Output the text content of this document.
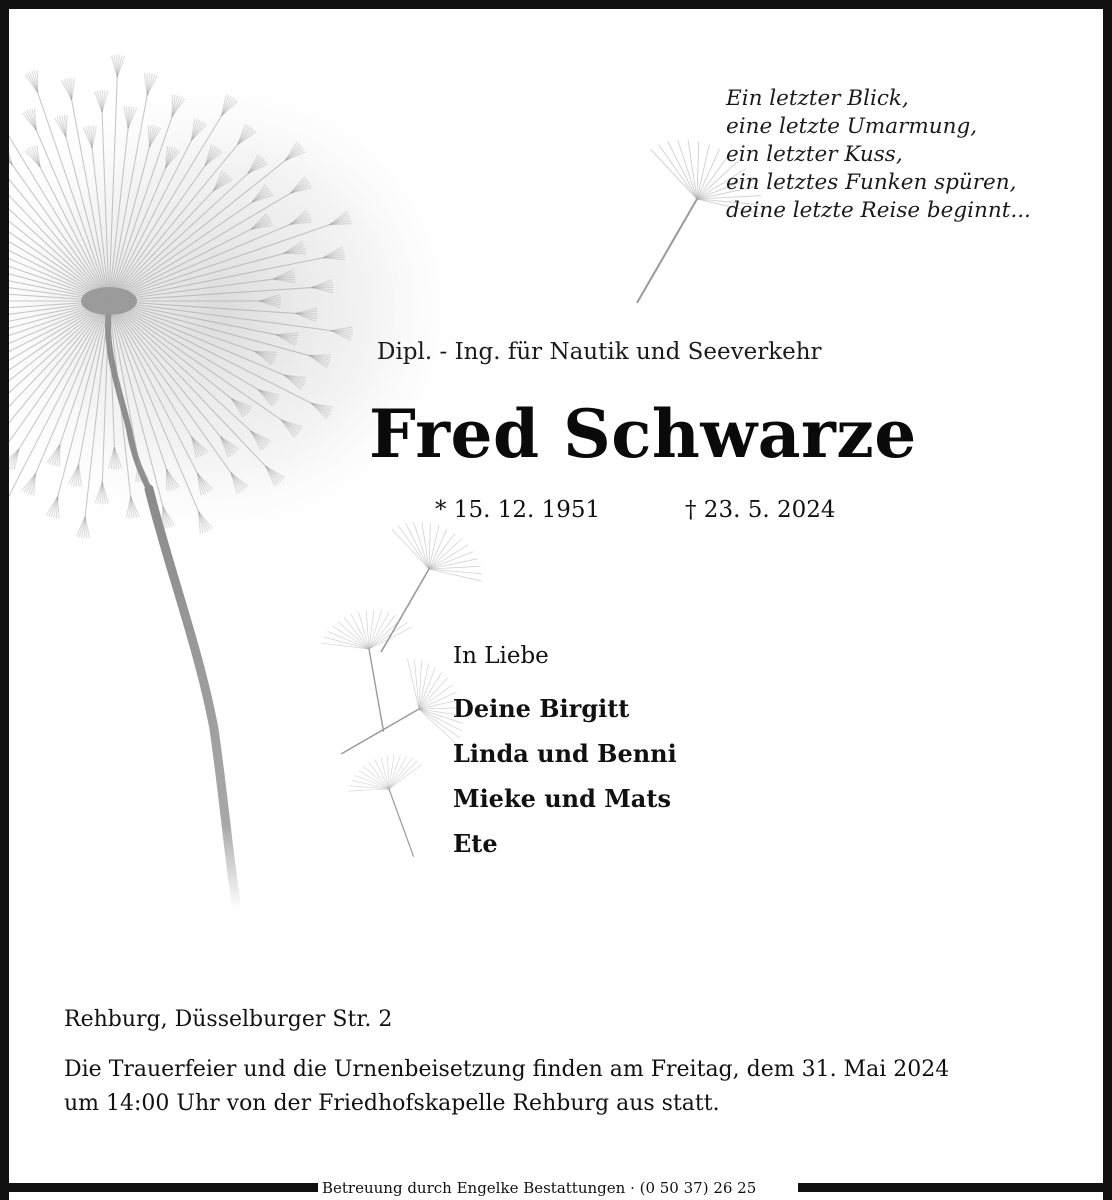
Ein letzter Blick,
eine letzte Umarmung,
ein letzter Kuss,
ein letztes Funken spüren,
deine letzte Reise beginnt...
Dipl. - Ing. für Nautik und Seeverkehr
Fred Schwarze
* 15. 12. 1951	† 23. 5. 2024
In Liebe
Deine Birgitt
Linda und Benni
Mieke und Mats
Ete
Rehburg, Düsselburger Str. 2
Die Trauerfeier und die Urnenbeisetzung finden am Freitag, dem 31. Mai 2024
um 14:00 Uhr von der Friedhofskapelle Rehburg aus statt.
Betreuung durch Engelke Bestattungen · (0 50 37) 26 25
